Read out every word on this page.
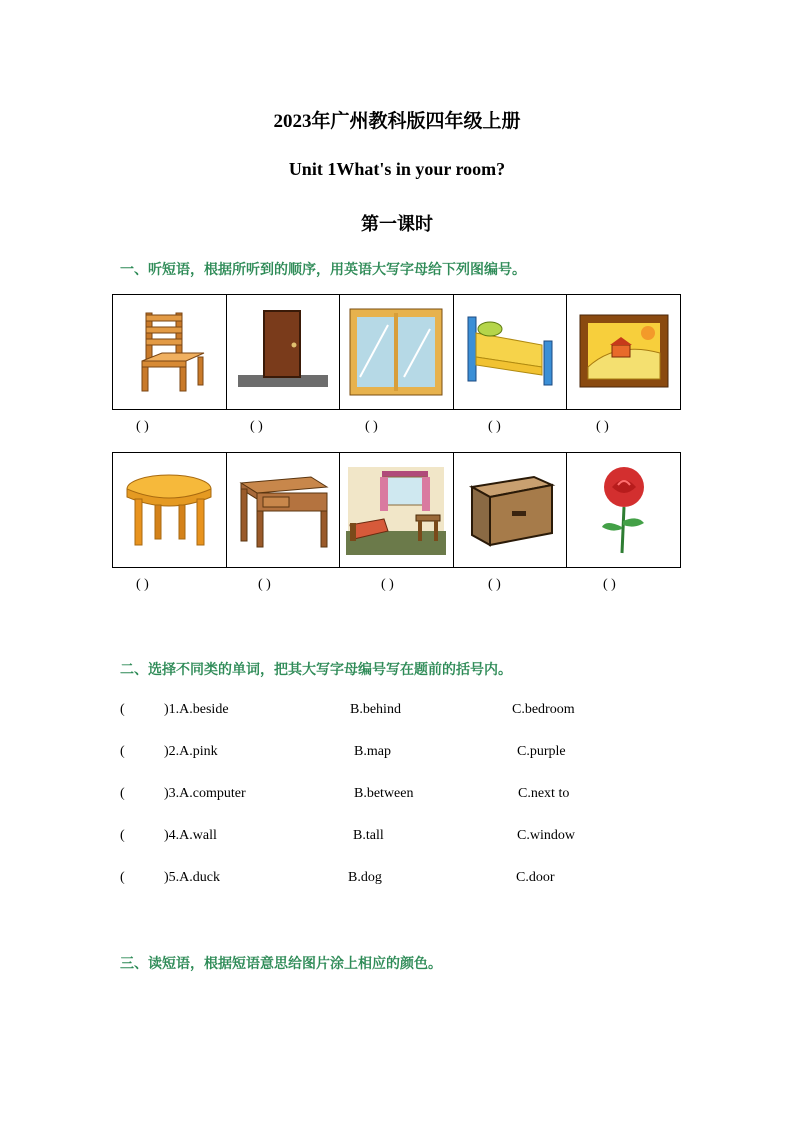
2023年广州教科版四年级上册
Unit 1What's in your room?
第一课时
一、听短语，根据所听到的顺序，用英语大写字母给下列图编号。

( )	( )	( )	( )	( )

( )	( )	( )	( )	( )
二、选择不同类的单词，把其大写字母编号写在题前的括号内。
(	)1.A.beside	B.behind	C.bedroom
(	)2.A.pink	B.map	C.purple
(	)3.A.computer	B.between	C.next to
(	)4.A.wall	B.tall	C.window
(	)5.A.duck	B.dog	C.door
三、读短语，根据短语意思给图片涂上相应的颜色。
